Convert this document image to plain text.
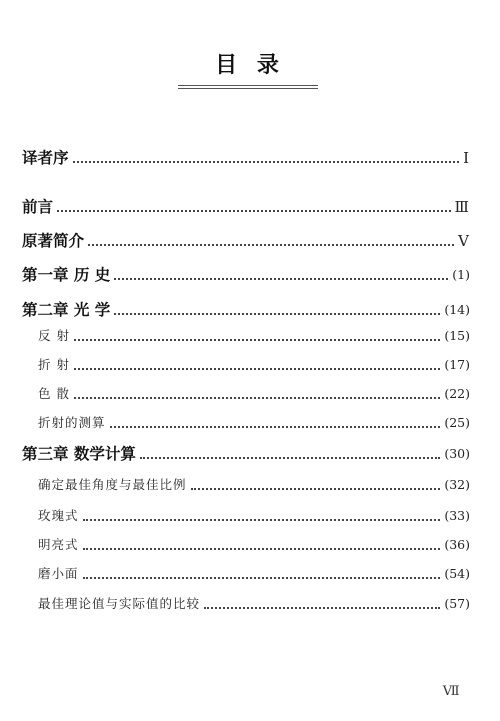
目 录
译者序	Ⅰ
前言	Ⅲ
原著简介	Ⅴ
第一章 历 史	(1)
第二章 光 学	(14)
反 射	(15)
折 射	(17)
色 散	(22)
折射的测算	(25)
第三章 数学计算	(30)
确定最佳角度与最佳比例	(32)
玫瑰式	(33)
明亮式	(36)
磨小面	(54)
最佳理论值与实际值的比较	(57)
Ⅶ
